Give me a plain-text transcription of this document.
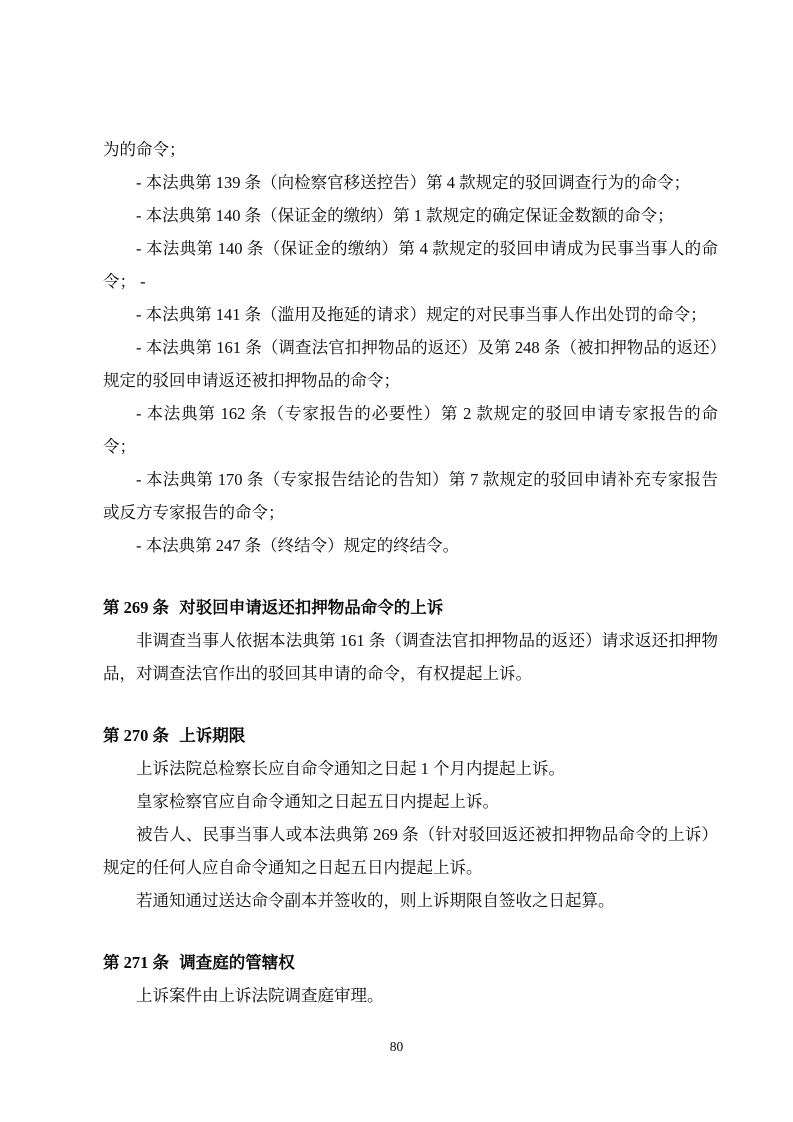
为的命令；

- 本法典第 139 条（向检察官移送控告）第 4 款规定的驳回调查行为的命令；

- 本法典第 140 条（保证金的缴纳）第 1 款规定的确定保证金数额的命令；

- 本法典第 140 条（保证金的缴纳）第 4 款规定的驳回申请成为民事当事人的命令； -

- 本法典第 141 条（滥用及拖延的请求）规定的对民事当事人作出处罚的命令；

- 本法典第 161 条（调查法官扣押物品的返还）及第 248 条（被扣押物品的返还）规定的驳回申请返还被扣押物品的命令；

- 本法典第 162 条（专家报告的必要性）第 2 款规定的驳回申请专家报告的命令；

- 本法典第 170 条（专家报告结论的告知）第 7 款规定的驳回申请补充专家报告或反方专家报告的命令；

- 本法典第 247 条（终结令）规定的终结令。

第 269 条 对驳回申请返还扣押物品命令的上诉

非调查当事人依据本法典第 161 条（调查法官扣押物品的返还）请求返还扣押物品，对调查法官作出的驳回其申请的命令，有权提起上诉。

第 270 条 上诉期限

上诉法院总检察长应自命令通知之日起 1 个月内提起上诉。

皇家检察官应自命令通知之日起五日内提起上诉。

被告人、民事当事人或本法典第 269 条（针对驳回返还被扣押物品命令的上诉）规定的任何人应自命令通知之日起五日内提起上诉。

若通知通过送达命令副本并签收的，则上诉期限自签收之日起算。

第 271 条 调查庭的管辖权

上诉案件由上诉法院调查庭审理。

80
